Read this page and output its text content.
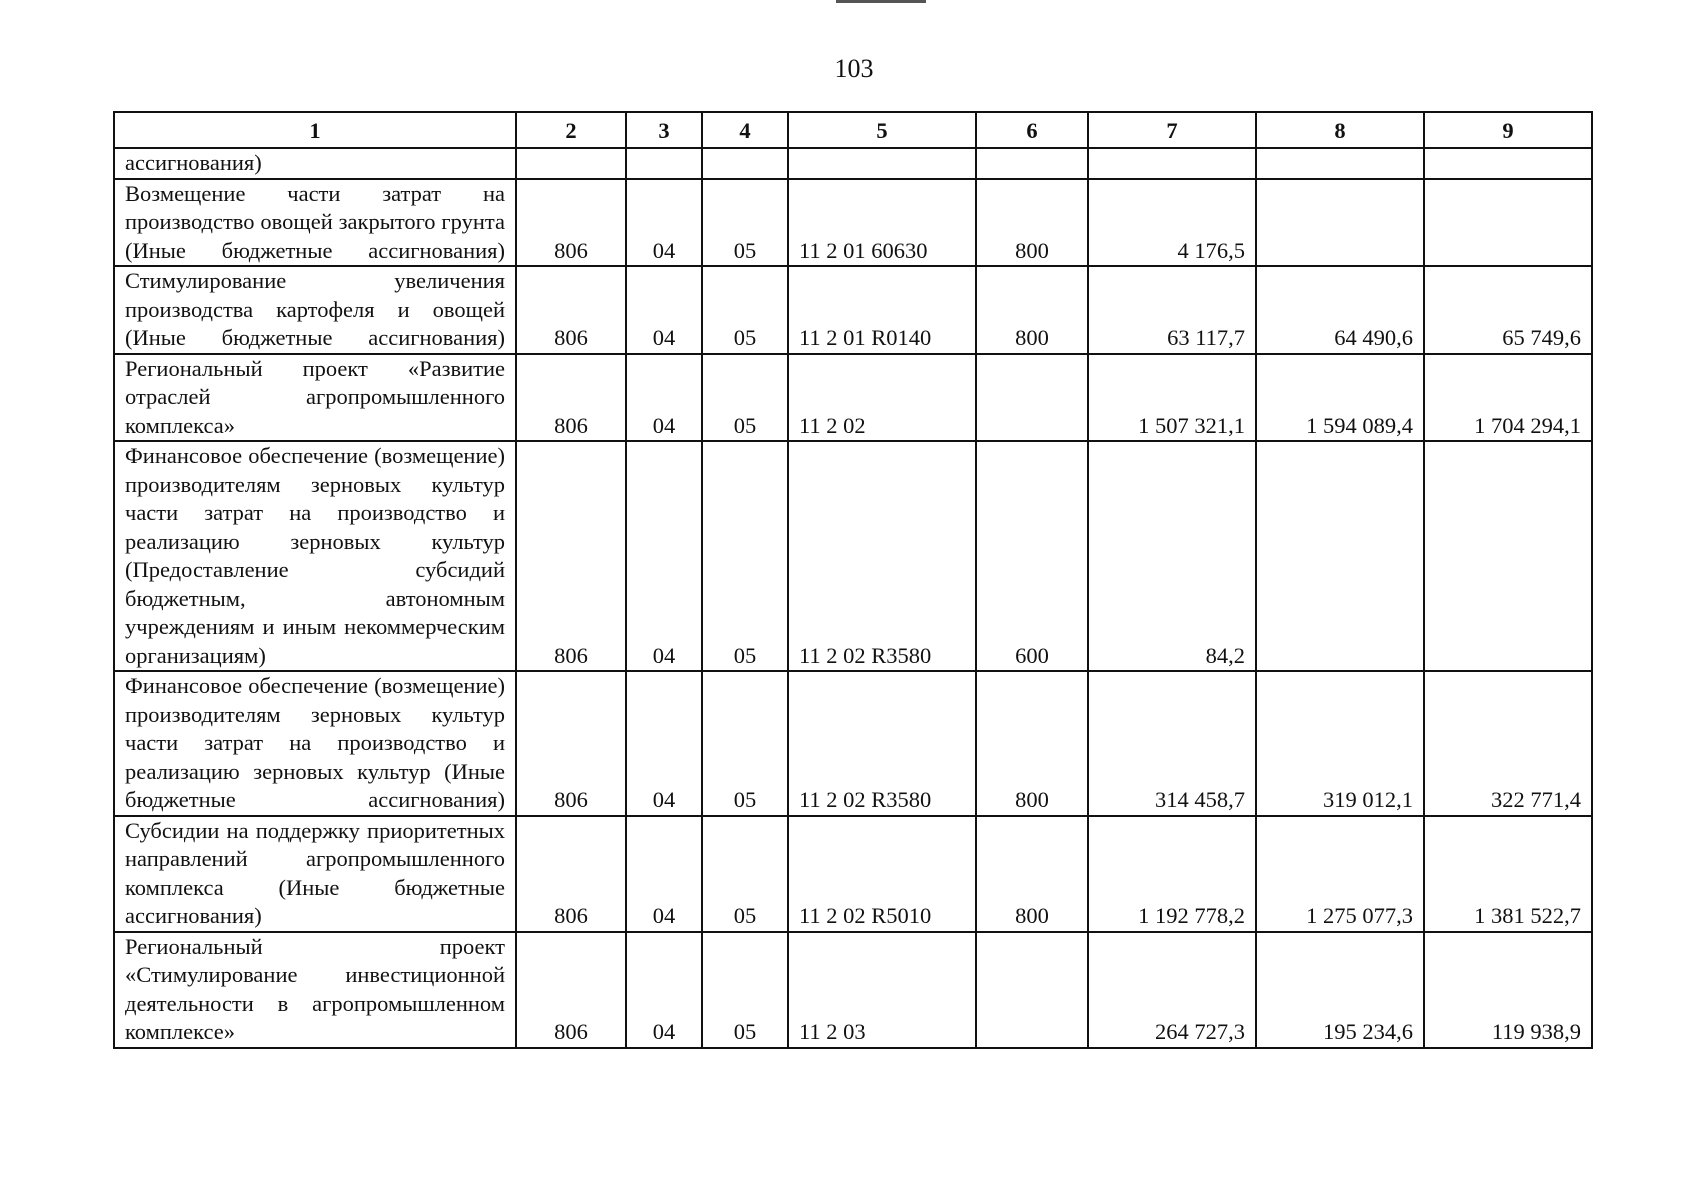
103
1	2	3	4	5	6	7	8	9
ассигнования)								
Возмещение части затрат на производство овощей закрытого грунта (Иные бюджетные ассигнования)	806	04	05	11 2 01 60630	800	4 176,5		
Стимулирование увеличения производства картофеля и овощей (Иные бюджетные ассигнования)	806	04	05	11 2 01 R0140	800	63 117,7	64 490,6	65 749,6
Региональный проект «Развитие отраслей агропромышленного комплекса»	806	04	05	11 2 02		1 507 321,1	1 594 089,4	1 704 294,1
Финансовое обеспечение (возмещение) производителям зерновых культур части затрат на производство и реализацию зерновых культур (Предоставление субсидий бюджетным, автономным учреждениям и иным некоммерческим организациям)	806	04	05	11 2 02 R3580	600	84,2		
Финансовое обеспечение (возмещение) производителям зерновых культур части затрат на производство и реализацию зерновых культур (Иные бюджетные ассигнования)	806	04	05	11 2 02 R3580	800	314 458,7	319 012,1	322 771,4
Субсидии на поддержку приоритетных направлений агропромышленного комплекса (Иные бюджетные ассигнования)	806	04	05	11 2 02 R5010	800	1 192 778,2	1 275 077,3	1 381 522,7
Региональный проект «Стимулирование инвестиционной деятельности в агропромышленном комплексе»	806	04	05	11 2 03		264 727,3	195 234,6	119 938,9
